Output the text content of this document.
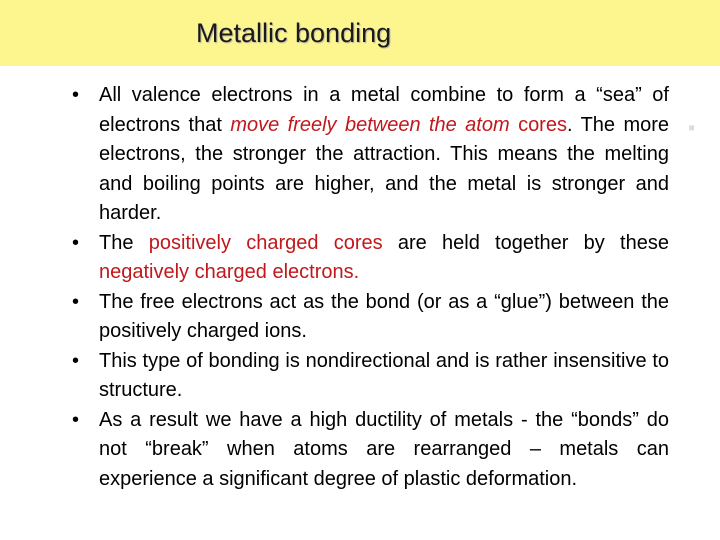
Metallic bonding
▪
• All valence electrons in a metal combine to form a “sea” of electrons that move freely between the atom cores. The more electrons, the stronger the attraction. This means the melting and boiling points are higher, and the metal is stronger and harder.
• The positively charged cores are held together by these negatively charged electrons.
• The free electrons act as the bond (or as a “glue”) between the positively charged ions.
• This type of bonding is nondirectional and is rather insensitive to structure.
• As a result we have a high ductility of metals - the “bonds” do not “break” when atoms are rearranged – metals can experience a significant degree of plastic deformation.
